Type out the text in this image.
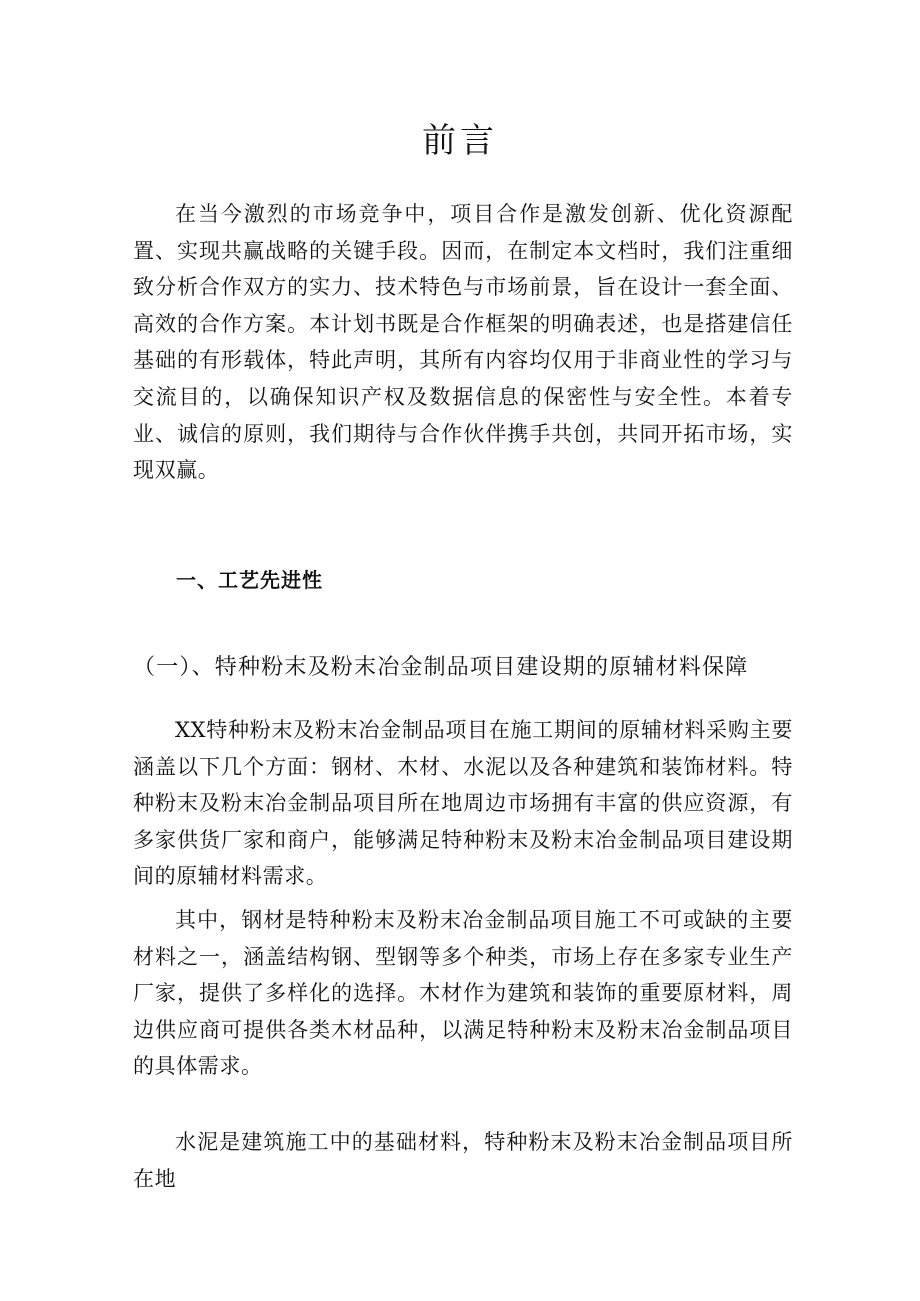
前言

在当今激烈的市场竞争中，项目合作是激发创新、优化资源配置、实现共赢战略的关键手段。因而，在制定本文档时，我们注重细致分析合作双方的实力、技术特色与市场前景，旨在设计一套全面、高效的合作方案。本计划书既是合作框架的明确表述，也是搭建信任基础的有形载体，特此声明，其所有内容均仅用于非商业性的学习与交流目的，以确保知识产权及数据信息的保密性与安全性。本着专业、诚信的原则，我们期待与合作伙伴携手共创，共同开拓市场，实现双赢。

一、工艺先进性
（一）、特种粉末及粉末冶金制品项目建设期的原辅材料保障

XX特种粉末及粉末冶金制品项目在施工期间的原辅材料采购主要涵盖以下几个方面：钢材、木材、水泥以及各种建筑和装饰材料。特种粉末及粉末冶金制品项目所在地周边市场拥有丰富的供应资源，有多家供货厂家和商户，能够满足特种粉末及粉末冶金制品项目建设期间的原辅材料需求。

其中，钢材是特种粉末及粉末冶金制品项目施工不可或缺的主要材料之一，涵盖结构钢、型钢等多个种类，市场上存在多家专业生产厂家，提供了多样化的选择。木材作为建筑和装饰的重要原材料，周边供应商可提供各类木材品种，以满足特种粉末及粉末冶金制品项目的具体需求。

水泥是建筑施工中的基础材料，特种粉末及粉末冶金制品项目所在地
